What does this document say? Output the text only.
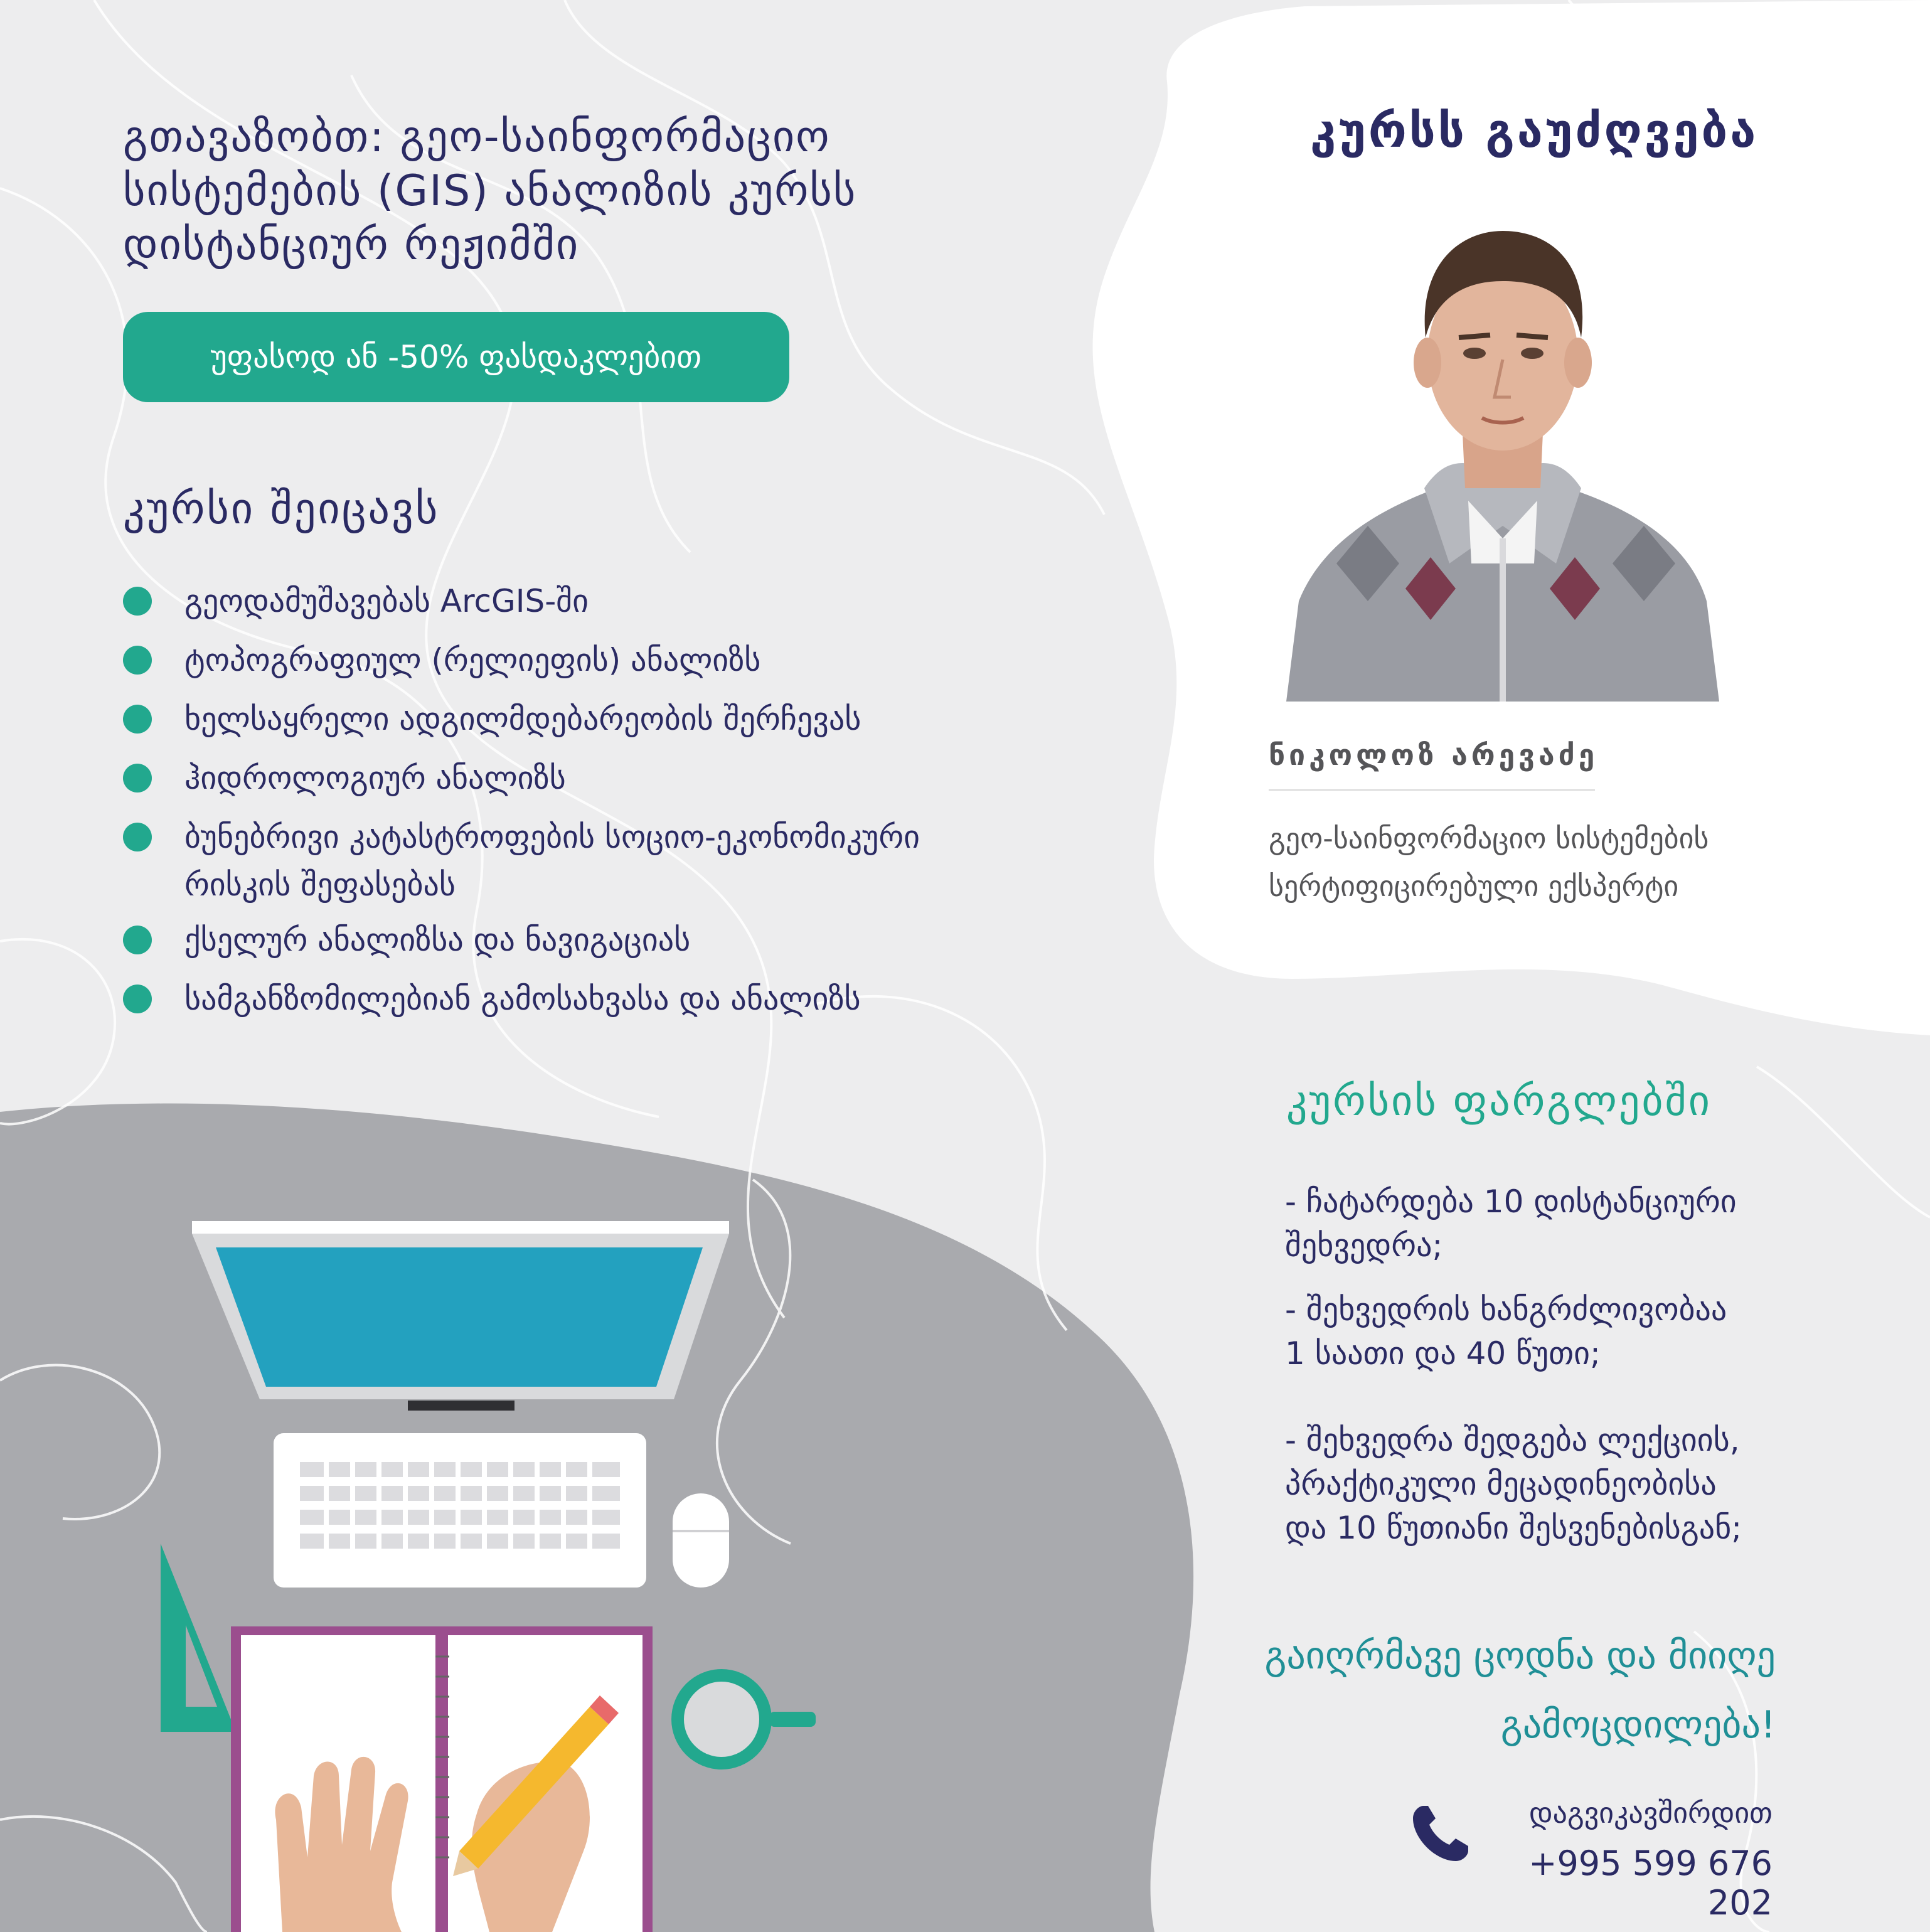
გთავაზობთ: გეო-საინფორმაციო
სისტემების (GIS) ანალიზის კურსს
დისტანციურ რეჟიმში
უფასოდ ან -50% ფასდაკლებით
კურსი შეიცავს
გეოდამუშავებას ArcGIS-ში
ტოპოგრაფიულ (რელიეფის) ანალიზს
ხელსაყრელი ადგილმდებარეობის შერჩევას
ჰიდროლოგიურ ანალიზს
ბუნებრივი კატასტროფების სოციო-ეკონომიკური
რისკის შეფასებას
ქსელურ ანალიზსა და ნავიგაციას
სამგანზომილებიან გამოსახვასა და ანალიზს
კურსს გაუძღვება
ნიკოლოზ არევაძე
გეო-საინფორმაციო სისტემების
სერტიფიცირებული ექსპერტი
კურსის ფარგლებში
- ჩატარდება 10 დისტანციური
შეხვედრა;
- შეხვედრის ხანგრძლივობაა
1 საათი და 40 წუთი;
- შეხვედრა შედგება ლექციის,
პრაქტიკული მეცადინეობისა
და 10 წუთიანი შესვენებისგან;
გაიღრმავე ცოდნა და მიიღე
გამოცდილება!
დაგვიკავშირდით
+995 599 676 202
